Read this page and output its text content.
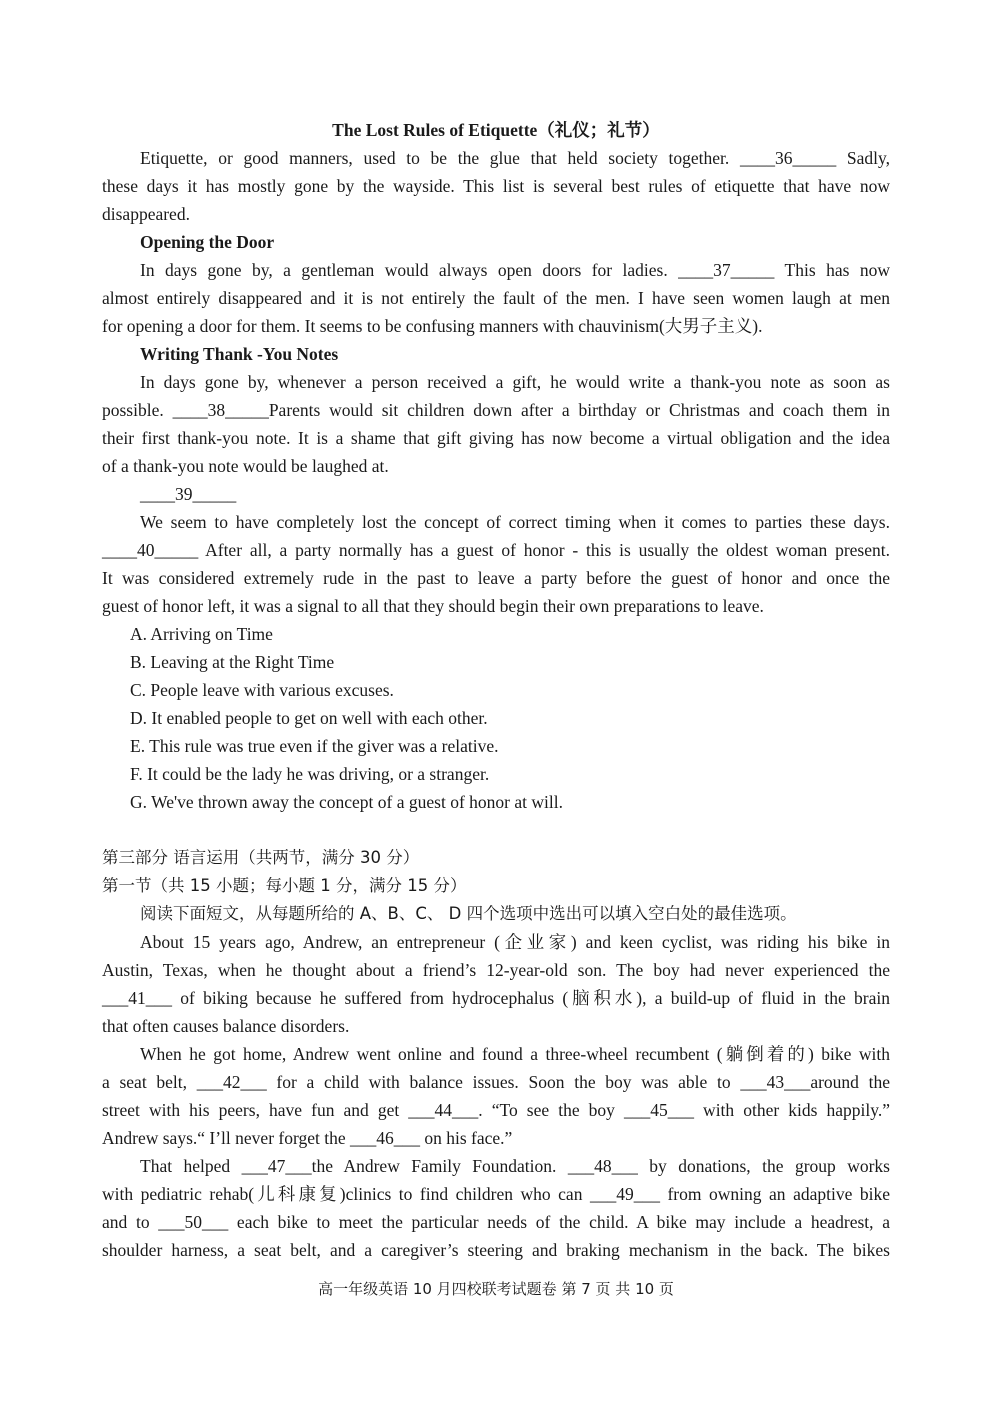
The Lost Rules of Etiquette（礼仪；礼节）
Etiquette, or good manners, used to be the glue that held society together. ____36_____ Sadly,
these days it has mostly gone by the wayside. This list is several best rules of etiquette that have now
disappeared.
Opening the Door
In days gone by, a gentleman would always open doors for ladies. ____37_____ This has now
almost entirely disappeared and it is not entirely the fault of the men. I have seen women laugh at men
for opening a door for them. It seems to be confusing manners with chauvinism(大男子主义).
Writing Thank -You Notes
In days gone by, whenever a person received a gift, he would write a thank-you note as soon as
possible. ____38_____Parents would sit children down after a birthday or Christmas and coach them in
their first thank-you note. It is a shame that gift giving has now become a virtual obligation and the idea
of a thank-you note would be laughed at.
____39_____
We seem to have completely lost the concept of correct timing when it comes to parties these days.
____40_____ After all, a party normally has a guest of honor - this is usually the oldest woman present.
It was considered extremely rude in the past to leave a party before the guest of honor and once the
guest of honor left, it was a signal to all that they should begin their own preparations to leave.
A. Arriving on Time
B. Leaving at the Right Time
C. People leave with various excuses.
D. It enabled people to get on well with each other.
E. This rule was true even if the giver was a relative.
F. It could be the lady he was driving, or a stranger.
G. We've thrown away the concept of a guest of honor at will.
第三部分 语言运用（共两节，满分 30 分）
第一节（共 15 小题；每小题 1 分，满分 15 分）
阅读下面短文，从每题所给的 A、B、C、 D 四个选项中选出可以填入空白处的最佳选项。
About 15 years ago, Andrew, an entrepreneur (企业家) and keen cyclist, was riding his bike in
Austin, Texas, when he thought about a friend’s 12-year-old son. The boy had never experienced the
___41___ of biking because he suffered from hydrocephalus (脑积水), a build-up of fluid in the brain
that often causes balance disorders.
When he got home, Andrew went online and found a three-wheel recumbent (躺倒着的) bike with
a seat belt, ___42___ for a child with balance issues. Soon the boy was able to ___43___around the
street with his peers, have fun and get ___44___. “To see the boy ___45___ with other kids happily.”
Andrew says.“ I’ll never forget the ___46___ on his face.”
That helped ___47___the Andrew Family Foundation. ___48___ by donations, the group works
with pediatric rehab(儿科康复)clinics to find children who can ___49___ from owning an adaptive bike
and to ___50___ each bike to meet the particular needs of the child. A bike may include a headrest, a
shoulder harness, a seat belt, and a caregiver’s steering and braking mechanism in the back. The bikes
高一年级英语 10 月四校联考试题卷 第 7 页 共 10 页
